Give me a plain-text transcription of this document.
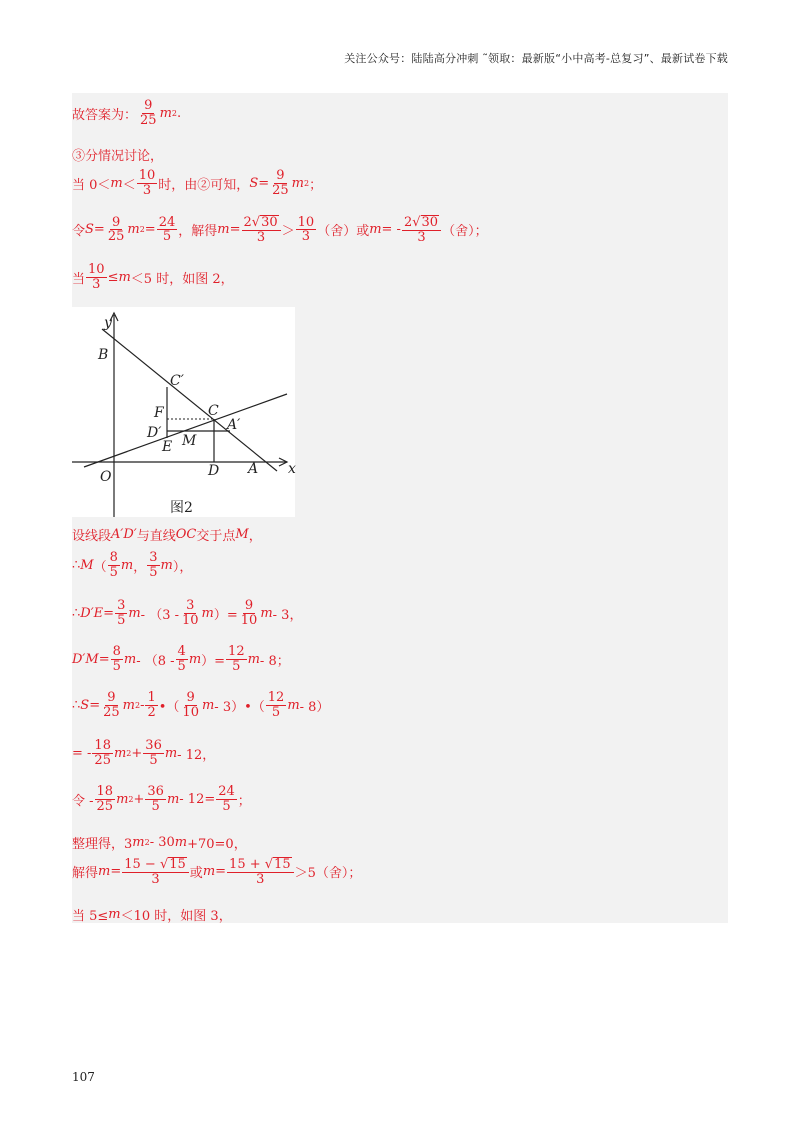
关注公众号：陆陆高分冲刺 ˜领取：最新版“小中高考-总复习”、最新试卷下载
故答案为： $\frac{9}{25}$ m 2 .
③分情况讨论，
当 $0< m < \frac{10}{3}$ 时，由②可知， $S = \frac{9}{25}$ m 2 ；
令 $S = \frac{9}{25}$ m $2 = \frac{24}{5}$ ，解得 $m = \frac{2√ 30}{3} > \frac{10}{3}$ （舍）或 m = - $\frac{2√ 30}{3}$ （舍）；
当 $\frac{10}{3} \le m <5$ 时，如图 2，
设线段 A′D′ 与直线 OC 交于点 M ，
∴ M （ $\frac{8}{5}$ m ， $\frac{3}{5}$ m ），
∴ $D'E = \frac{3}{5}$ m - （$3 - \frac{3}{10}$ m ）= $\frac{9}{10}$ m - 3，
$D'M = \frac{8}{5}$ m - （$8 - \frac{4}{5}$ m ）= $\frac{12}{5}$ m - 8；
∴ $S = \frac{9}{25}$ m $2 - \frac{1}{2}$ •（ $\frac{9}{10}$ m - 3）•（ $\frac{12}{5}$ m - 8）
= - $\frac{18}{25}$ m $2 + \frac{36}{5}$ m - 12，
令 - $\frac{18}{25}$ m $2 + \frac{36}{5}$ $m - 12= \frac{24}{5}$ ；
整理得，3 m 2 - 30 m +70=0，
解得 $m = \frac{15 - √ 15}{3}$ 或 $m = \frac{15 + √ 15}{3} >5$（舍）；
当 5≤ m ＜10 时，如图 3，
y
x
O
B
A
C
C′
A′
D′
D
E
F
M
图2
107
